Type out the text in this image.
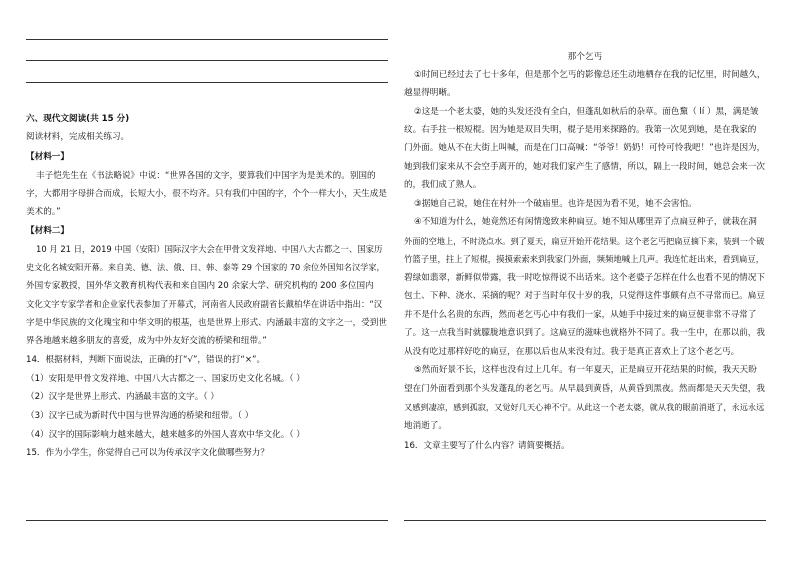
六、现代文阅读(共 15 分)
阅读材料，完成相关练习。
【材料一】
丰子恺先生在《书法略说》中说：“世界各国的文字，要算我们中国字为是美术的。别国的
字，大都用字母拼合而成，长短大小，很不均齐。只有我们中国的字，个个一样大小，天生成是
美术的。”
【材料二】
10 月 21 日，2019 中国（安阳）国际汉字大会在甲骨文发祥地、中国八大古都之一、国家历
史文化名城安阳开幕。来自美、德、法、俄、日、韩、泰等 29 个国家的 70 余位外国知名汉学家，
外国专家教授，国外华文教育机构代表和来自国内 20 余家大学、研究机构的 200 多位国内
文化文字专家学者和企业家代表参加了开幕式，河南省人民政府副省长戴柏华在讲话中指出：“汉
字是中华民族的文化瑰宝和中华文明的根基，也是世界上形式、内涵最丰富的文字之一，受到世
界各地越来越多朋友的喜爱，成为中外友好交流的桥梁和纽带。”
14．根据材料，判断下面说法，正确的打“√”，错误的打“×”。
（1）安阳是甲骨文发祥地、中国八大古都之一、国家历史文化名城。（ ）
（2）汉字是世界上形式、内涵最丰富的文字。（ ）
（3）汉字已成为新时代中国与世界沟通的桥梁和纽带。（ ）
（4）汉字的国际影响力越来越大，越来越多的外国人喜欢中华文化。（ ）
15．作为小学生，你觉得自己可以为传承汉字文化做哪些努力？
那个乞丐
①时间已经过去了七十多年，但是那个乞丐的影像总还生动地栖存在我的记忆里，时间越久，
越显得明晰。
②这是一个老太婆，她的头发还没有全白，但蓬乱如秋后的杂草。面色黧（ lí ）黑，满是皱
纹。右手拄一根短棍。因为她是双目失明，棍子是用来探路的。我第一次见到她，是在我家的
门外面。她从不在大街上叫喊，而是在门口高喊：“爷爷！奶奶！可怜可怜我吧！”也许是因为，
她到我们家来从不会空手离开的，她对我们家产生了感情，所以，隔上一段时间，她总会来一次
的，我们成了熟人。
③据她自己说，她住在村外一个破庙里。也许是因为看不见，她不会害怕。
④不知道为什么，她竟然还有闲情逸致来种扁豆。她不知从哪里弄了点扁豆种子，就栽在洞
外面的空地上，不时浇点水。到了夏天，扁豆开始开花结果。这个老乞丐把扁豆摘下来，装到一个破
竹篮子里，拄上了短棍，摸摸索索来到我家门外面，频频地喊上几声。我连忙赶出来，看到扁豆，
碧绿如翡翠，新鲜似带露，我一时吃惊得说不出话来。这个老婆子怎样在什么也看不见的情况下
包土、下种、浇水、采摘的呢？对于当时年仅十岁的我，只觉得这件事颇有点不寻常而已。扁豆
并不是什么名贵的东西，然而老乞丐心中有我们一家，从她手中接过来的扁豆便非常不寻常了
了。这一点我当时就朦胧地意识到了。这扁豆的滋味也就格外不同了。我一生中，在那以前，我
从没有吃过那样好吃的扁豆，在那以后也从来没有过。我于是真正喜欢上了这个老乞丐。
⑤然而好景不长，这样也没有过上几年。有一年夏天，正是扁豆开花结果的时候，我天天盼
望在门外面看到那个头发蓬乱的老乞丐。从早晨到黄昏，从黄昏到黑夜。然而都是天天失望，我
又感到凄凉，感到孤寂，又觉好几天心神不宁。从此这一个老太婆，就从我的眼前消逝了，永远永远
地消逝了。
16．文章主要写了什么内容？请简要概括。
